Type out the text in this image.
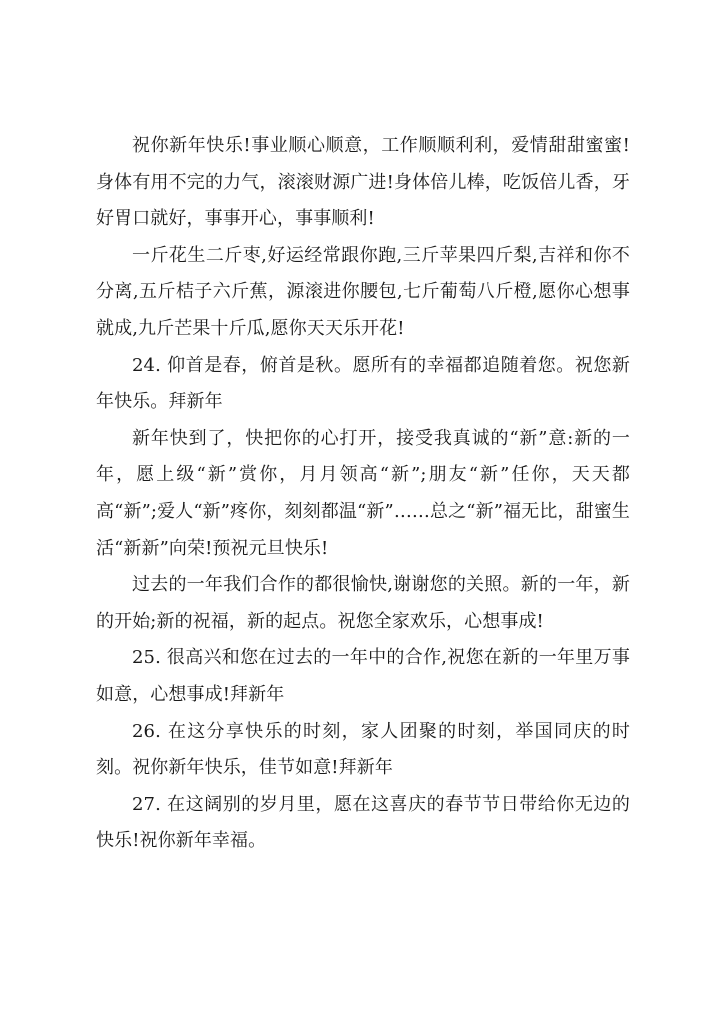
祝你新年快乐!事业顺心顺意，工作顺顺利利，爱情甜甜蜜蜜!身体有用不完的力气，滚滚财源广进!身体倍儿棒，吃饭倍儿香，牙好胃口就好，事事开心，事事顺利!

一斤花生二斤枣,好运经常跟你跑,三斤苹果四斤梨,吉祥和你不分离,五斤桔子六斤蕉，源滚进你腰包,七斤葡萄八斤橙,愿你心想事就成,九斤芒果十斤瓜,愿你天天乐开花!

24. 仰首是春，俯首是秋。愿所有的幸福都追随着您。祝您新年快乐。拜新年

新年快到了，快把你的心打开，接受我真诚的“新”意:新的一年，愿上级“新”赏你，月月领高“新”;朋友“新”任你，天天都高“新”;爱人“新”疼你，刻刻都温“新”……总之“新”福无比，甜蜜生活“新新”向荣!预祝元旦快乐!

过去的一年我们合作的都很愉快,谢谢您的关照。新的一年，新的开始;新的祝福，新的起点。祝您全家欢乐，心想事成!

25. 很高兴和您在过去的一年中的合作,祝您在新的一年里万事如意，心想事成!拜新年

26. 在这分享快乐的时刻，家人团聚的时刻，举国同庆的时刻。祝你新年快乐，佳节如意!拜新年

27. 在这阔别的岁月里，愿在这喜庆的春节节日带给你无边的快乐!祝你新年幸福。
